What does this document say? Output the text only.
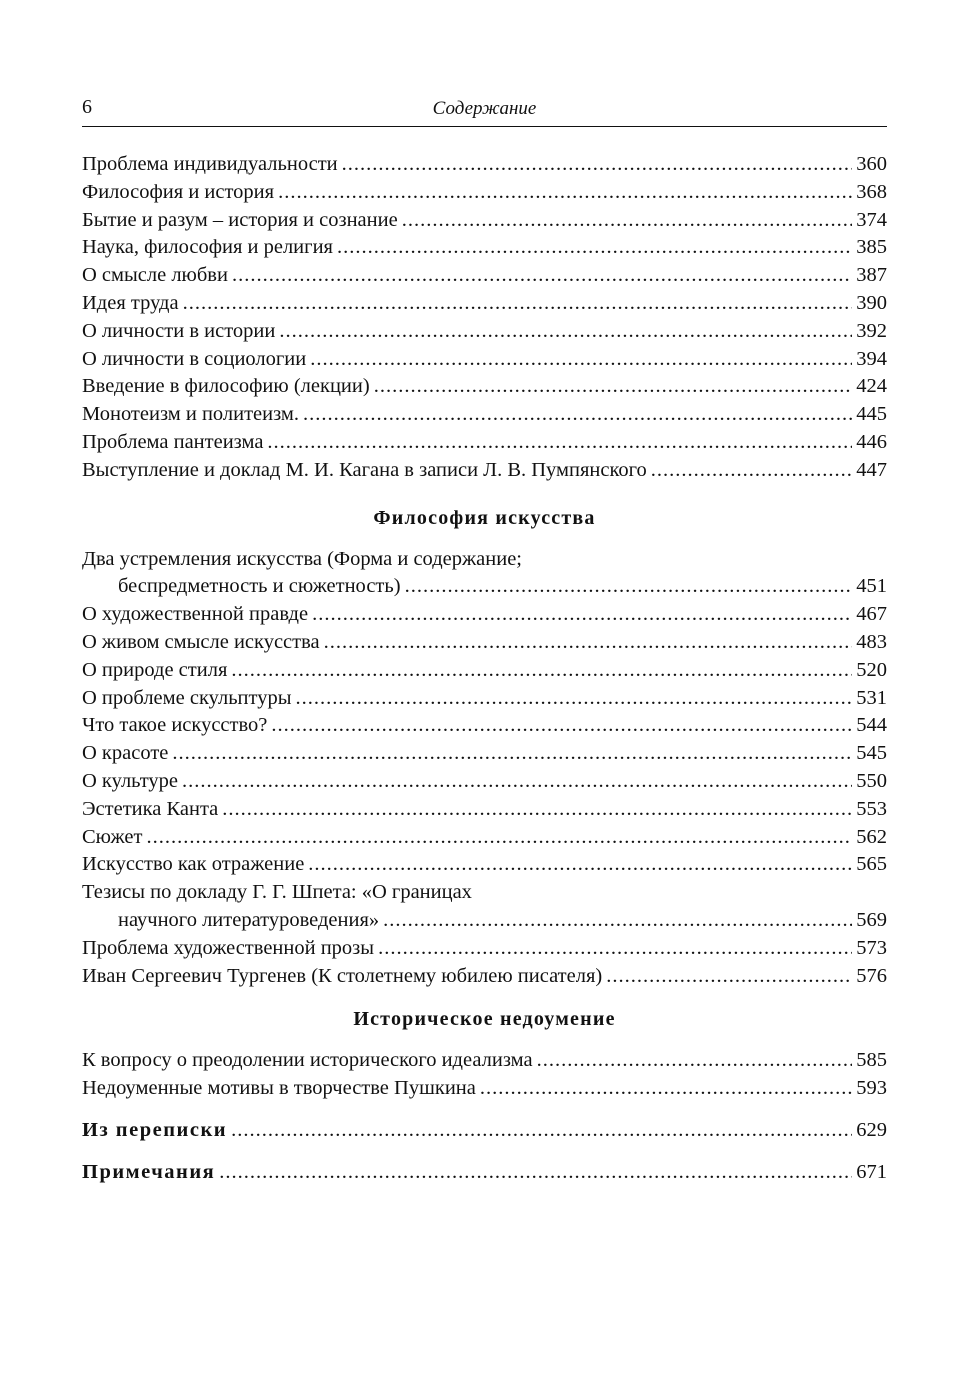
6	Содержание
Проблема индивидуальности .....	360
Философия и история .....	368
Бытие и разум – история и сознание .....	374
Наука, философия и религия .....	385
О смысле любви .....	387
Идея труда .....	390
О личности в истории .....	392
О личности в социологии .....	394
Введение в философию (лекции) .....	424
Монотеизм и политеизм. .....	445
Проблема пантеизма .....	446
Выступление и доклад М. И. Кагана в записи Л. В. Пумпянского .....	447
Философия искусства
Два устремления искусства (Форма и содержание;
беспредметность и сюжетность) .....	451
О художественной правде .....	467
О живом смысле искусства .....	483
О природе стиля .....	520
О проблеме скульптуры .....	531
Что такое искусство? .....	544
О красоте .....	545
О культуре .....	550
Эстетика Канта .....	553
Сюжет .....	562
Искусство как отражение .....	565
Тезисы по докладу Г. Г. Шпета: «О границах
научного литературоведения» .....	569
Проблема художественной прозы .....	573
Иван Сергеевич Тургенев (К столетнему юбилею писателя) .....	576
Историческое недоумение
К вопросу о преодолении исторического идеализма .....	585
Недоуменные мотивы в творчестве Пушкина .....	593
Из переписки .....	629
Примечания .....	671
